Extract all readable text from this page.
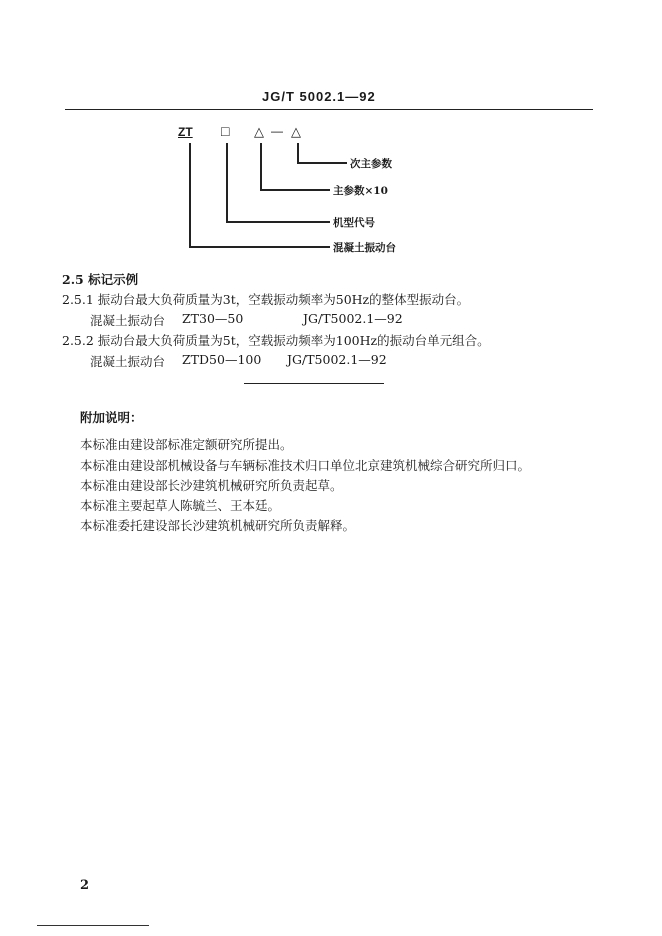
JG/T 5002.1—92
ZT □ △ — △
次主参数
主参数×10
机型代号
混凝土振动台
2.5 标记示例
2.5.1 振动台最大负荷质量为3t，空载振动频率为50Hz的整体型振动台。
混凝土振动台 ZT30—50	JG/T5002.1—92
2.5.2 振动台最大负荷质量为5t，空载振动频率为100Hz的振动台单元组合。
混凝土振动台 ZTD50—100 JG/T5002.1—92
附加说明：
本标准由建设部标准定额研究所提出。
本标准由建设部机械设备与车辆标准技术归口单位北京建筑机械综合研究所归口。
本标准由建设部长沙建筑机械研究所负责起草。
本标准主要起草人陈毓兰、王本廷。
本标准委托建设部长沙建筑机械研究所负责解释。
2
